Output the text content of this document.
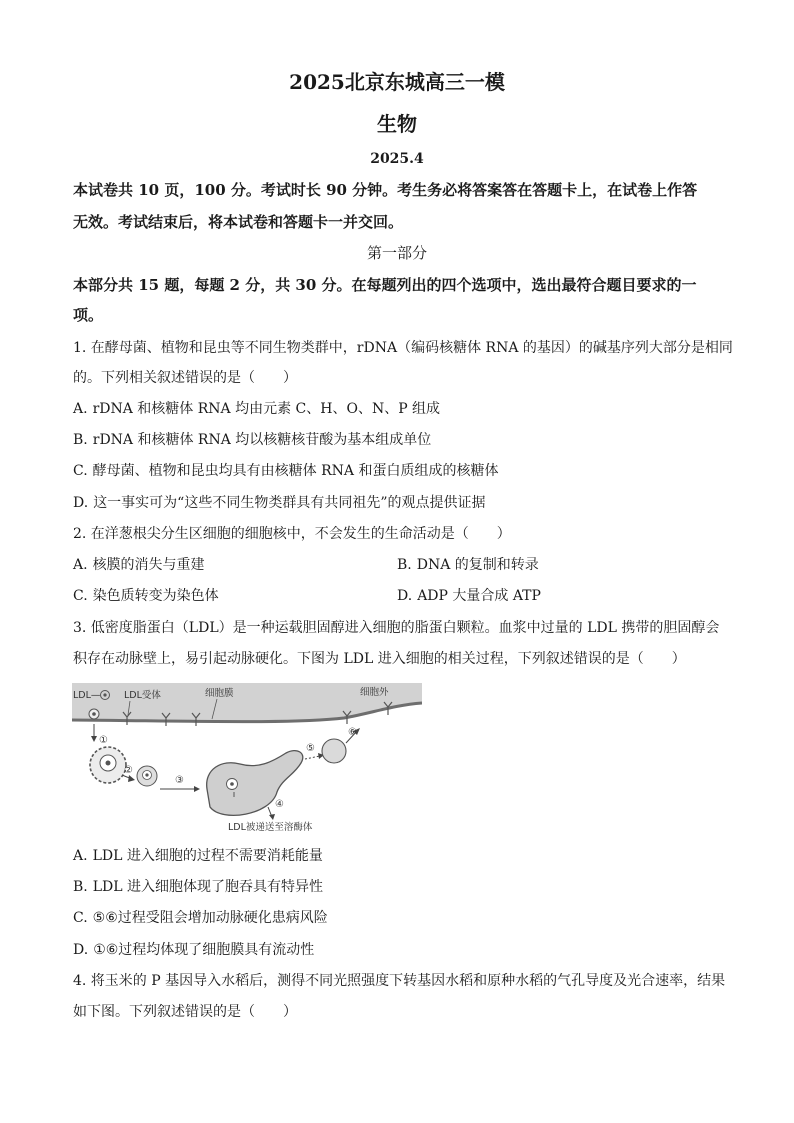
2025北京东城高三一模
生物
2025.4
本试卷共 10 页，100 分。考试时长 90 分钟。考生务必将答案答在答题卡上，在试卷上作答
无效。考试结束后，将本试卷和答题卡一并交回。
第一部分
本部分共 15 题，每题 2 分，共 30 分。在每题列出的四个选项中，选出最符合题目要求的一
项。
1. 在酵母菌、植物和昆虫等不同生物类群中，rDNA（编码核糖体 RNA 的基因）的碱基序列大部分是相同
的。下列相关叙述错误的是（　　）
A. rDNA 和核糖体 RNA 均由元素 C、H、O、N、P 组成
B. rDNA 和核糖体 RNA 均以核糖核苷酸为基本组成单位
C. 酵母菌、植物和昆虫均具有由核糖体 RNA 和蛋白质组成的核糖体
D. 这一事实可为“这些不同生物类群具有共同祖先”的观点提供证据
2. 在洋葱根尖分生区细胞的细胞核中，不会发生的生命活动是（　　）
A. 核膜的消失与重建	B. DNA 的复制和转录
C. 染色质转变为染色体	D. ADP 大量合成 ATP
3. 低密度脂蛋白（LDL）是一种运载胆固醇进入细胞的脂蛋白颗粒。血浆中过量的 LDL 携带的胆固醇会
积存在动脉壁上，易引起动脉硬化。下图为 LDL 进入细胞的相关过程，下列叙述错误的是（　　）
LDL— LDL受体	细胞膜	细胞外
①
②
③
④
LDL被递送至溶酶体
⑤
⑥
A. LDL 进入细胞的过程不需要消耗能量
B. LDL 进入细胞体现了胞吞具有特异性
C. ⑤⑥过程受阻会增加动脉硬化患病风险
D. ①⑥过程均体现了细胞膜具有流动性
4. 将玉米的 P 基因导入水稻后，测得不同光照强度下转基因水稻和原种水稻的气孔导度及光合速率，结果
如下图。下列叙述错误的是（　　）
